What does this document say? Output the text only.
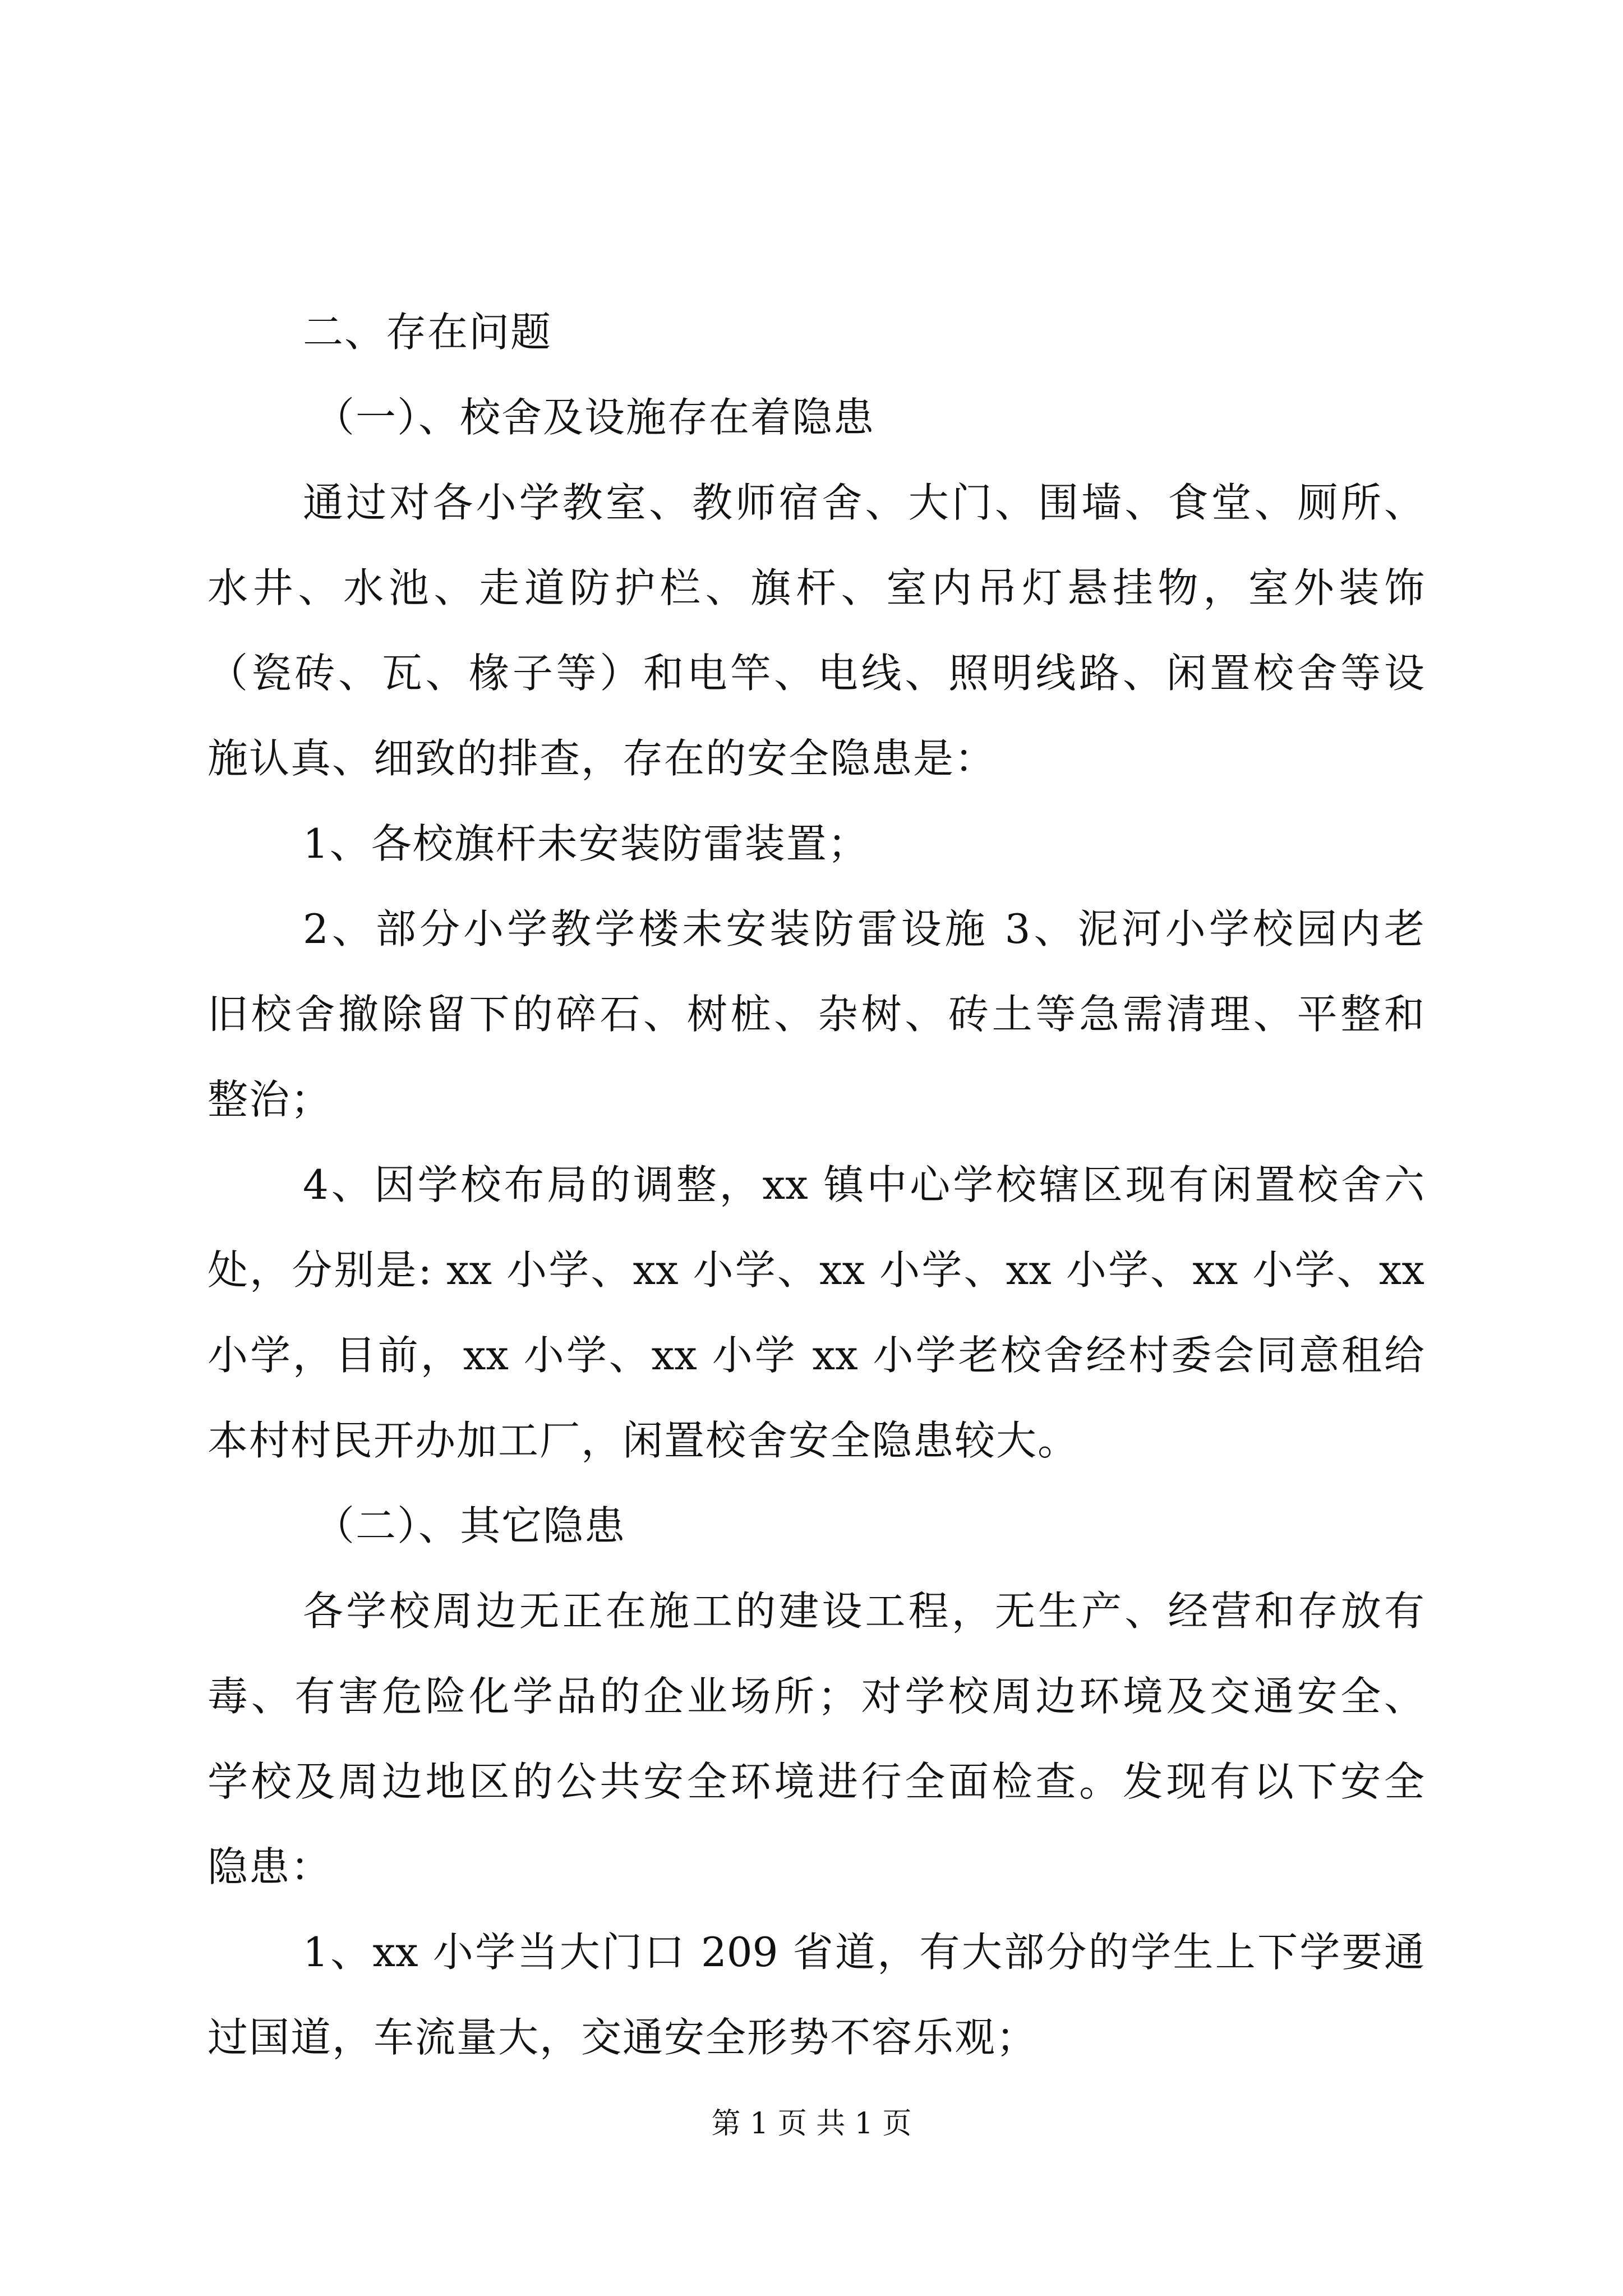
二、存在问题
（一）、校舍及设施存在着隐患
通过对各小学教室、教师宿舍、大门、围墙、食堂、厕所、
水井、水池、走道防护栏、旗杆、室内吊灯悬挂物，室外装饰
（瓷砖、瓦、椽子等）和电竿、电线、照明线路、闲置校舍等设
施认真、细致的排查，存在的安全隐患是：
1、各校旗杆未安装防雷装置；
2、部分小学教学楼未安装防雷设施 3、泥河小学校园内老
旧校舍撤除留下的碎石、树桩、杂树、砖土等急需清理、平整和
整治；
4、因学校布局的调整，xx 镇中心学校辖区现有闲置校舍六
处，分别是: xx 小学、xx 小学、xx 小学、xx 小学、xx 小学、xx
小学，目前，xx 小学、xx 小学 xx 小学老校舍经村委会同意租给
本村村民开办加工厂，闲置校舍安全隐患较大。
（二）、其它隐患
各学校周边无正在施工的建设工程，无生产、经营和存放有
毒、有害危险化学品的企业场所；对学校周边环境及交通安全、
学校及周边地区的公共安全环境进行全面检查。发现有以下安全
隐患：
1、xx 小学当大门口 209 省道，有大部分的学生上下学要通
过国道，车流量大，交通安全形势不容乐观；
第 1 页 共 1 页
